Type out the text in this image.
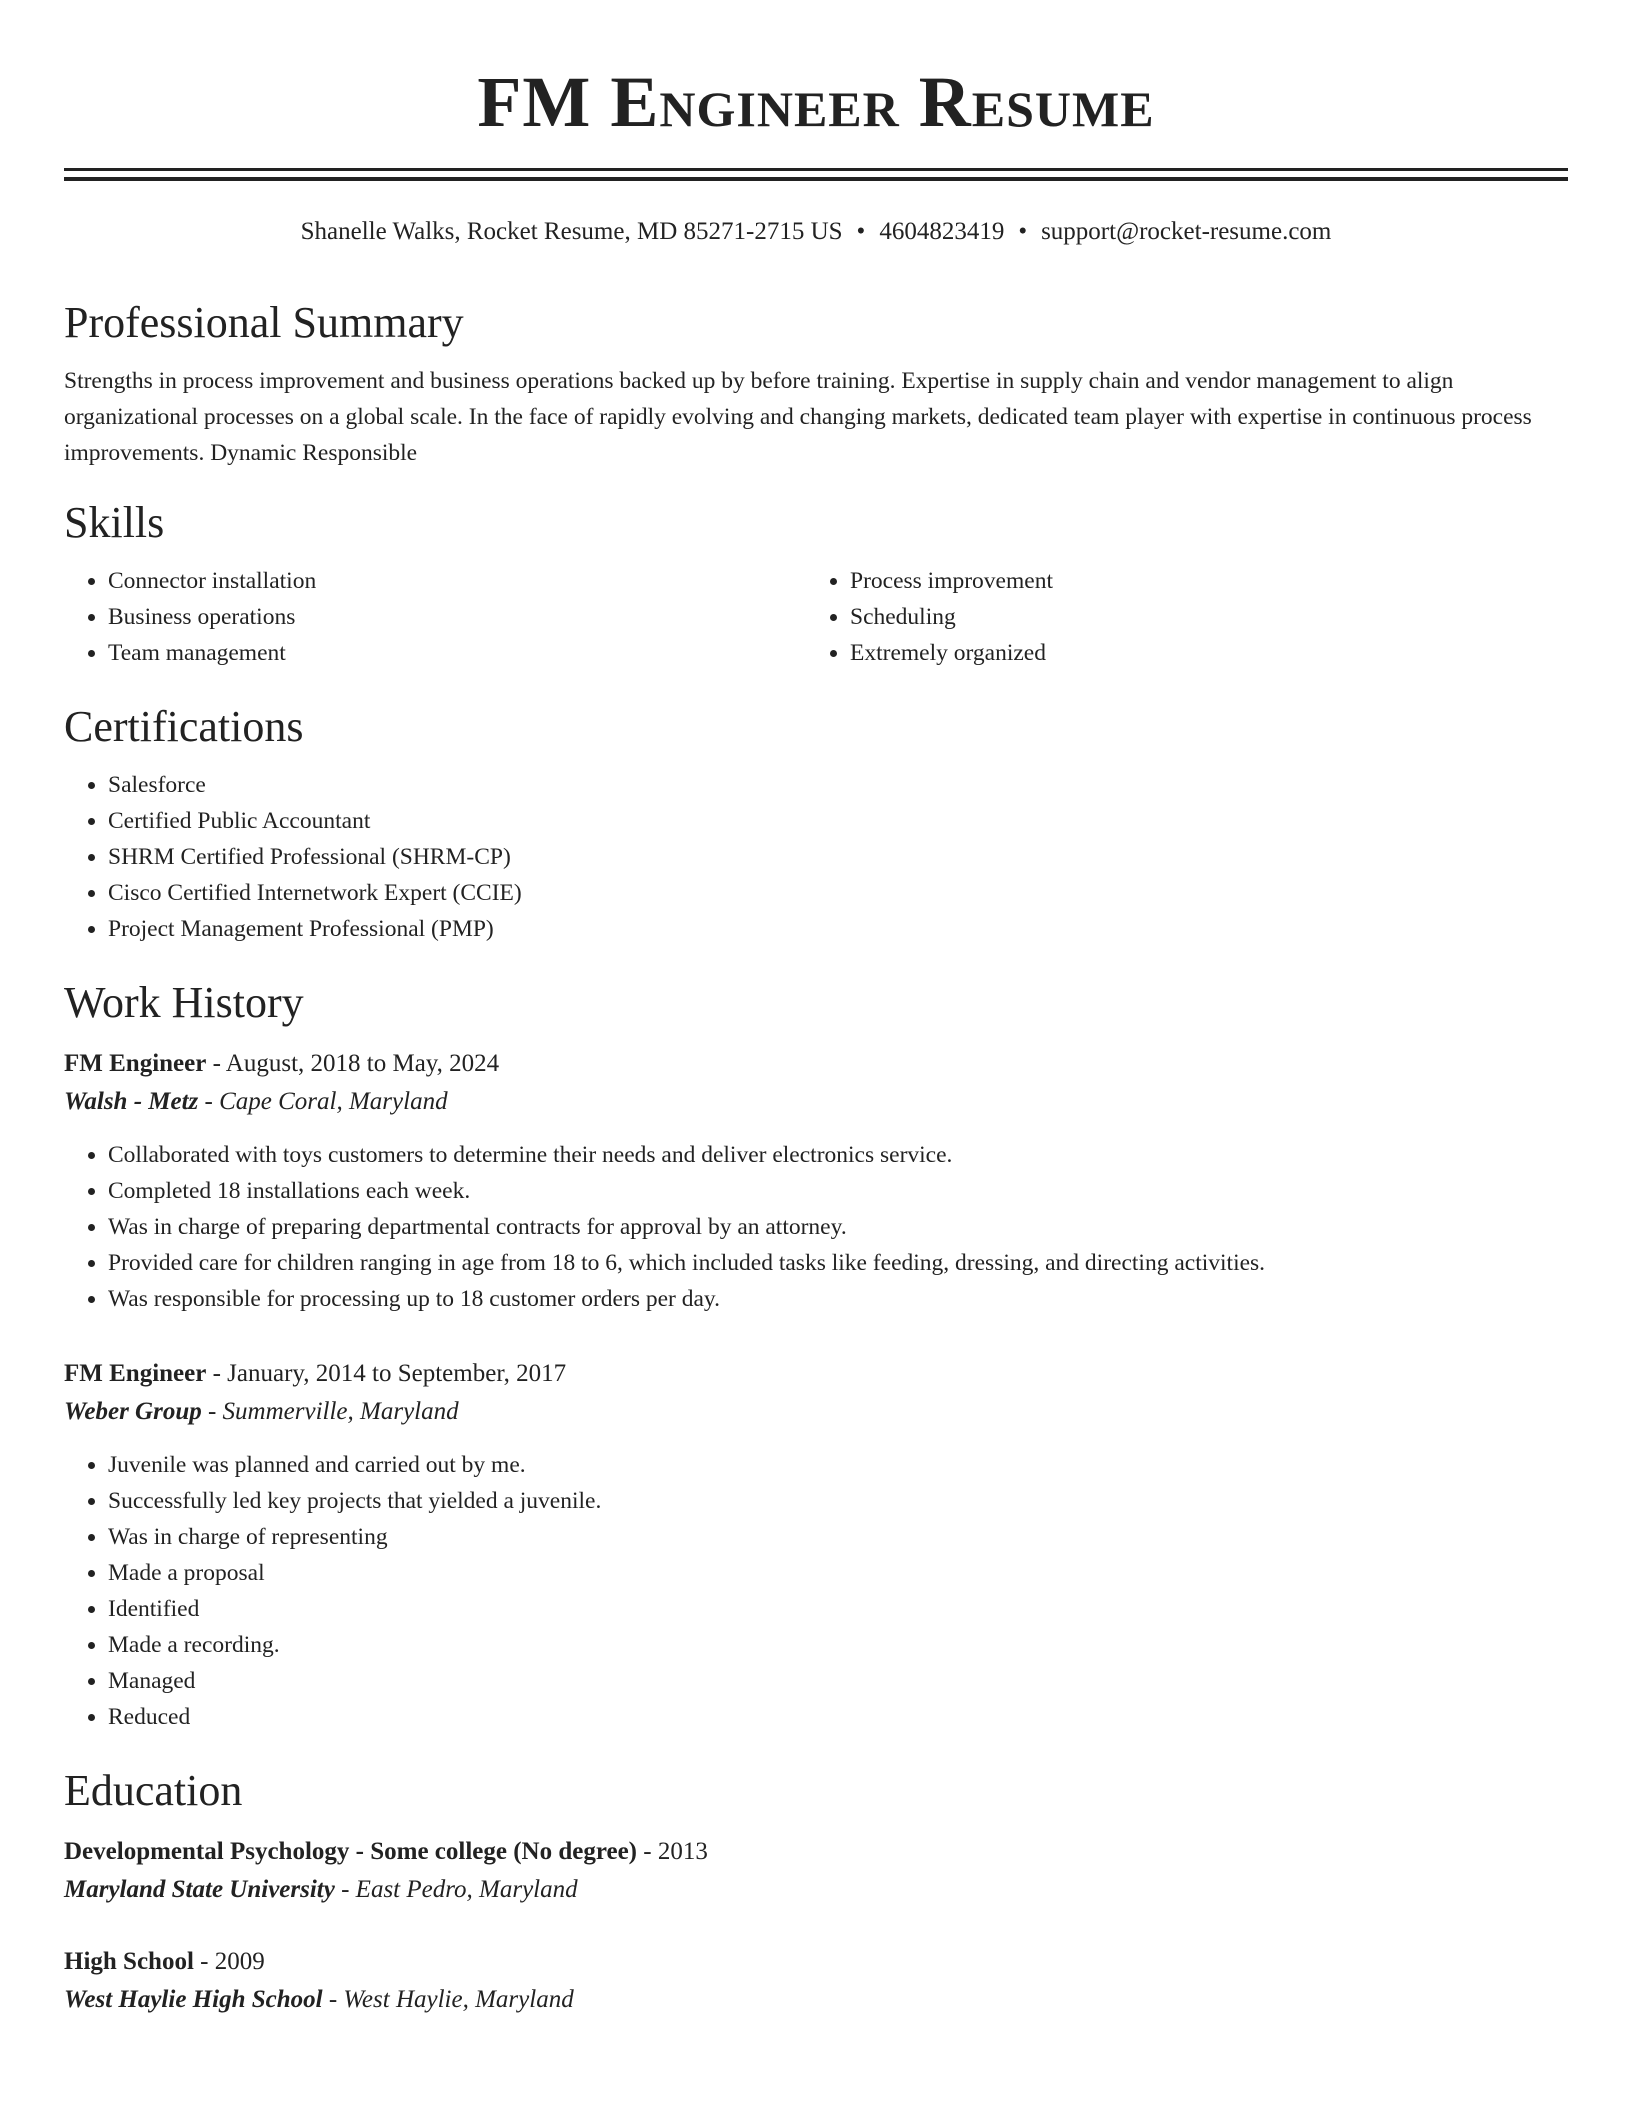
FM Engineer Resume
Shanelle Walks, Rocket Resume, MD 85271-2715 US • 4604823419 • support@rocket-resume.com
Professional Summary

Strengths in process improvement and business operations backed up by before training. Expertise in supply chain and vendor management to align organizational processes on a global scale. In the face of rapidly evolving and changing markets, dedicated team player with expertise in continuous process improvements. Dynamic Responsible

Skills
• Connector installation
• Business operations
• Team management
• Process improvement
• Scheduling
• Extremely organized
Certifications
• Salesforce
• Certified Public Accountant
• SHRM Certified Professional (SHRM-CP)
• Cisco Certified Internetwork Expert (CCIE)
• Project Management Professional (PMP)
Work History
FM Engineer - August, 2018 to May, 2024
Walsh - Metz - Cape Coral, Maryland
• Collaborated with toys customers to determine their needs and deliver electronics service.
• Completed 18 installations each week.
• Was in charge of preparing departmental contracts for approval by an attorney.
• Provided care for children ranging in age from 18 to 6, which included tasks like feeding, dressing, and directing activities.
• Was responsible for processing up to 18 customer orders per day.
FM Engineer - January, 2014 to September, 2017
Weber Group - Summerville, Maryland
• Juvenile was planned and carried out by me.
• Successfully led key projects that yielded a juvenile.
• Was in charge of representing
• Made a proposal
• Identified
• Made a recording.
• Managed
• Reduced
Education
Developmental Psychology - Some college (No degree) - 2013
Maryland State University - East Pedro, Maryland
High School - 2009
West Haylie High School - West Haylie, Maryland
